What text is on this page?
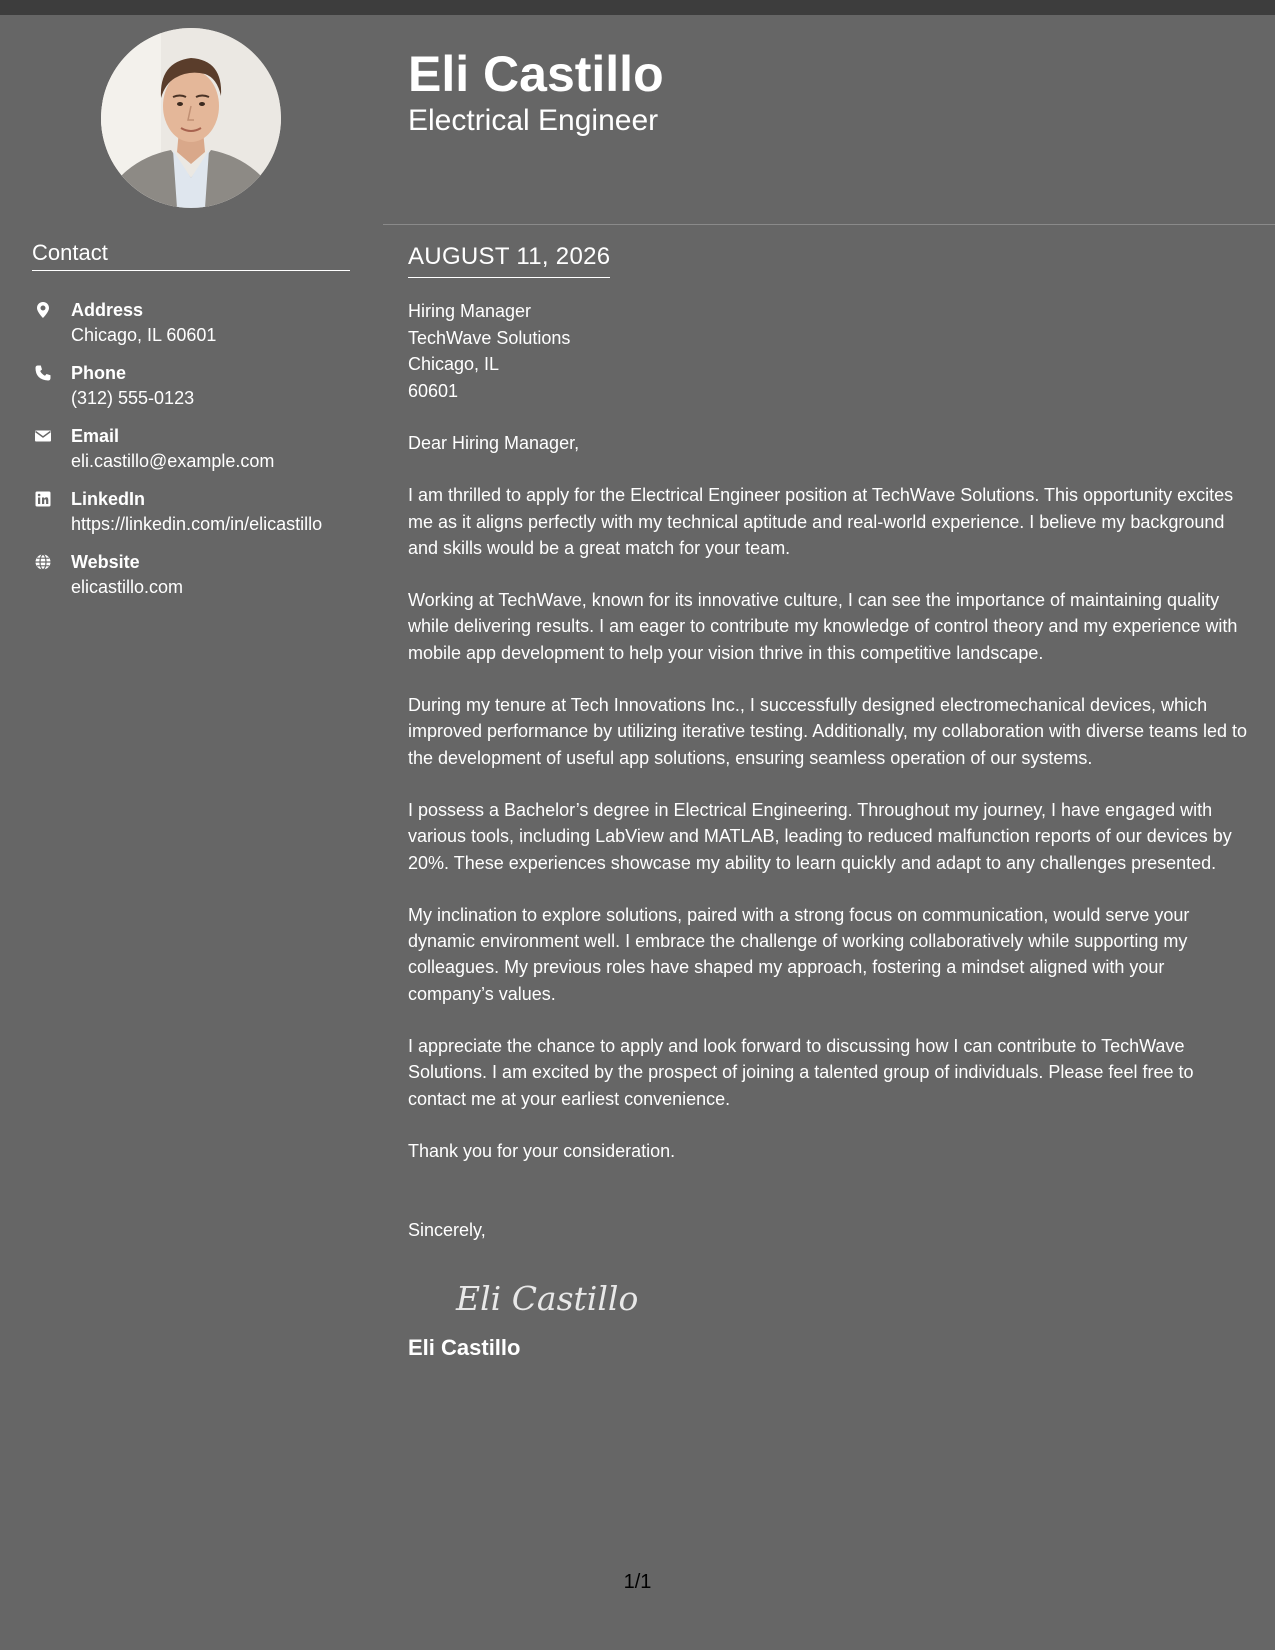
Contact
Address
Chicago, IL 60601
Phone
(312) 555-0123
Email
eli.castillo@example.com
LinkedIn
https://linkedin.com/in/elicastillo
Website
elicastillo.com
Eli Castillo
Electrical Engineer
AUGUST 11, 2026
Hiring Manager
TechWave Solutions
Chicago, IL
60601

Dear Hiring Manager,

I am thrilled to apply for the Electrical Engineer position at TechWave Solutions. This opportunity excites me as it aligns perfectly with my technical aptitude and real-world experience. I believe my background and skills would be a great match for your team.

Working at TechWave, known for its innovative culture, I can see the importance of maintaining quality while delivering results. I am eager to contribute my knowledge of control theory and my experience with mobile app development to help your vision thrive in this competitive landscape.

During my tenure at Tech Innovations Inc., I successfully designed electromechanical devices, which improved performance by utilizing iterative testing. Additionally, my collaboration with diverse teams led to the development of useful app solutions, ensuring seamless operation of our systems.

I possess a Bachelor’s degree in Electrical Engineering. Throughout my journey, I have engaged with various tools, including LabView and MATLAB, leading to reduced malfunction reports of our devices by 20%. These experiences showcase my ability to learn quickly and adapt to any challenges presented.

My inclination to explore solutions, paired with a strong focus on communication, would serve your dynamic environment well. I embrace the challenge of working collaboratively while supporting my colleagues. My previous roles have shaped my approach, fostering a mindset aligned with your company’s values.

I appreciate the chance to apply and look forward to discussing how I can contribute to TechWave Solutions. I am excited by the prospect of joining a talented group of individuals. Please feel free to contact me at your earliest convenience.

Thank you for your consideration.

Sincerely,

Eli Castillo
Eli Castillo
1/1
